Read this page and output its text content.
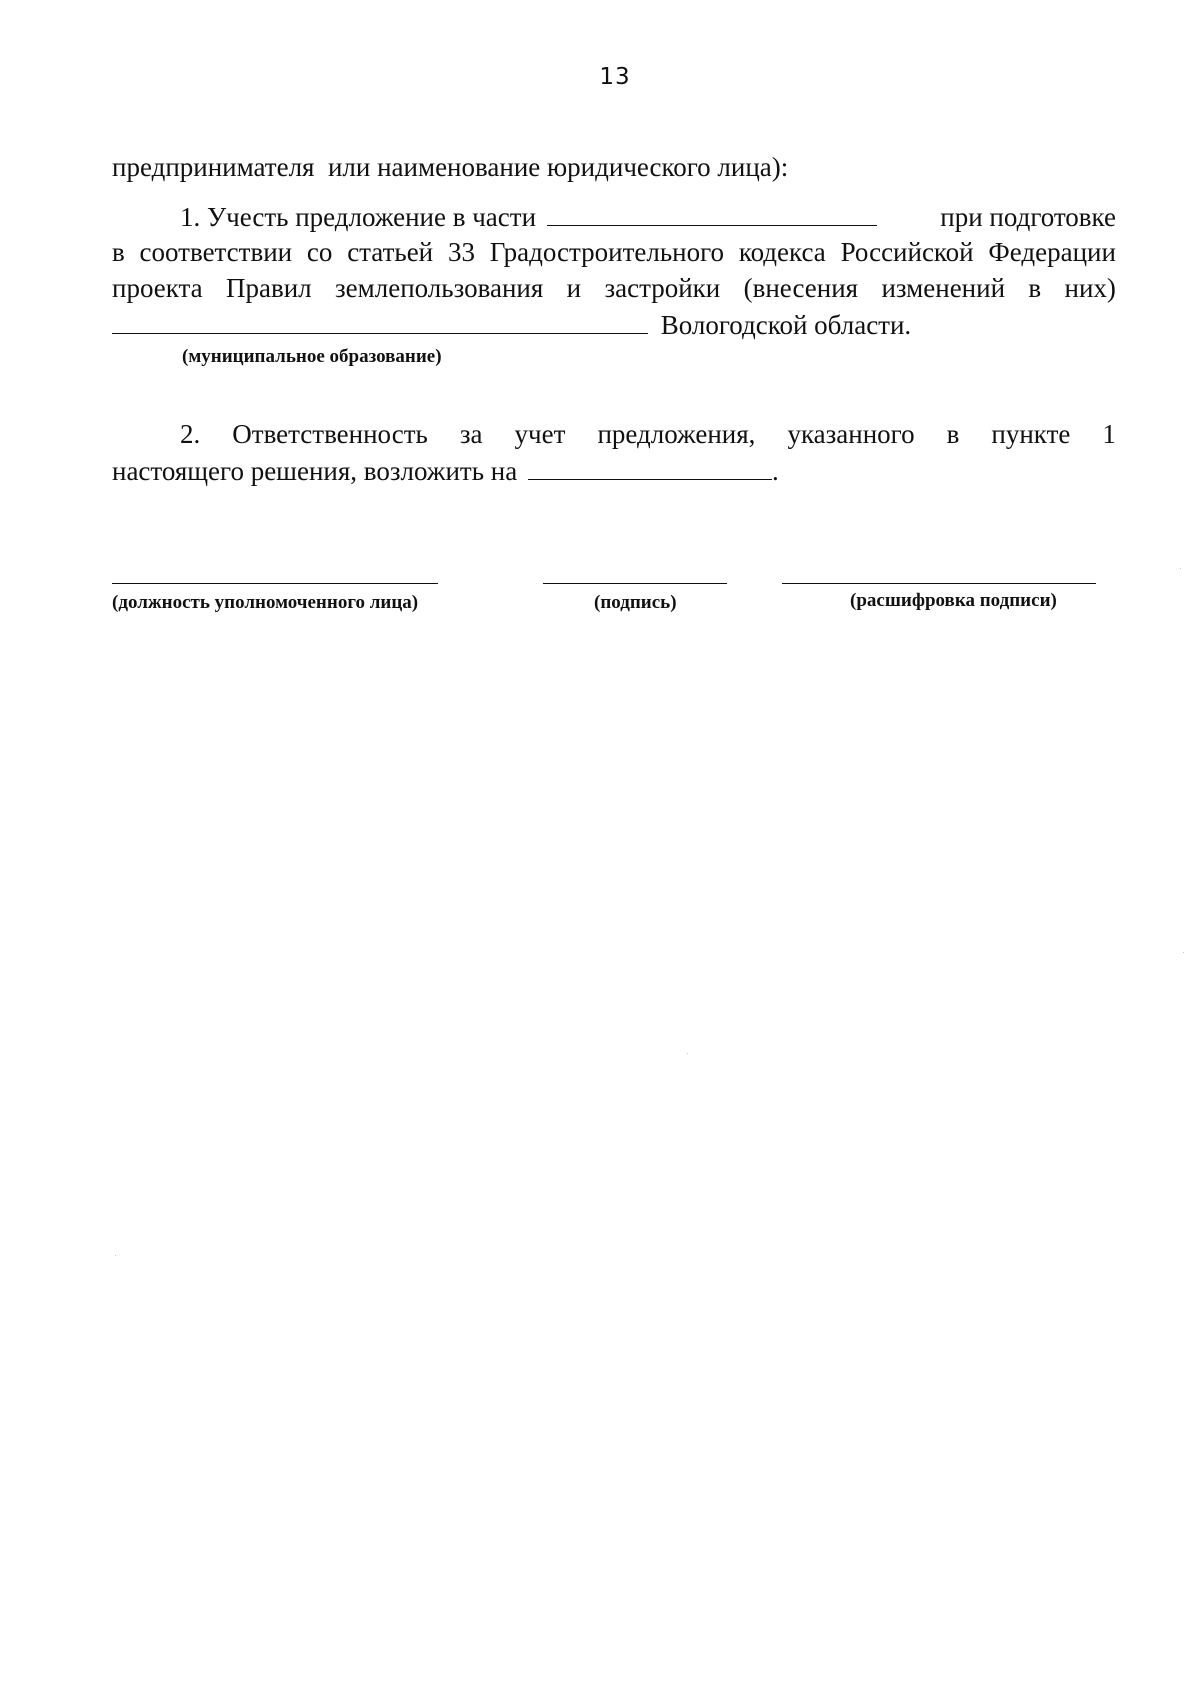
13
предпринимателя  или наименование юридического лица):
1. Учесть предложение в части	при подготовке
в соответствии со статьей 33 Градостроительного кодекса Российской Федерации
проекта Правил землепользования и застройки (внесения изменений в них)
Вологодской области.
(муниципальное образование)
2. Ответственность за учет предложения, указанного в пункте 1
настоящего решения, возложить на	.
(должность уполномоченного лица)	(подпись)	(расшифровка подписи)
